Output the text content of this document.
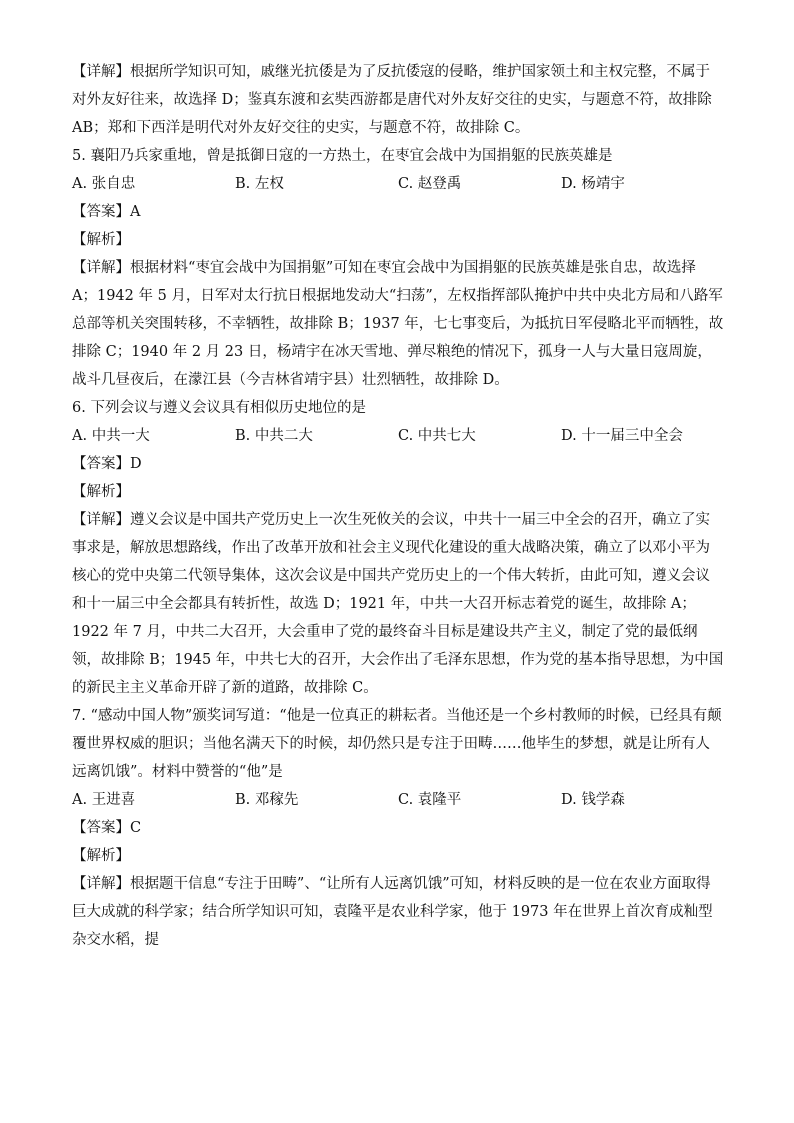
【详解】根据所学知识可知，戚继光抗倭是为了反抗倭寇的侵略，维护国家领土和主权完整，不属于对外友好往来，故选择 D；鉴真东渡和玄奘西游都是唐代对外友好交往的史实，与题意不符，故排除 AB；郑和下西洋是明代对外友好交往的史实，与题意不符，故排除 C。

5. 襄阳乃兵家重地，曾是抵御日寇的一方热土，在枣宜会战中为国捐躯的民族英雄是

A. 张自忠	B. 左权	C. 赵登禹	D. 杨靖宇

【答案】A

【解析】

【详解】根据材料“枣宜会战中为国捐躯”可知在枣宜会战中为国捐躯的民族英雄是张自忠，故选择 A；1942 年 5 月，日军对太行抗日根据地发动大“扫荡”，左权指挥部队掩护中共中央北方局和八路军总部等机关突围转移，不幸牺牲，故排除 B；1937 年，七七事变后，为抵抗日军侵略北平而牺牲，故排除 C；1940 年 2 月 23 日，杨靖宇在冰天雪地、弹尽粮绝的情况下，孤身一人与大量日寇周旋，战斗几昼夜后，在濛江县（今吉林省靖宇县）壮烈牺牲，故排除 D。

6. 下列会议与遵义会议具有相似历史地位的是

A. 中共一大	B. 中共二大	C. 中共七大	D. 十一届三中全会

【答案】D

【解析】

【详解】遵义会议是中国共产党历史上一次生死攸关的会议，中共十一届三中全会的召开，确立了实事求是，解放思想路线，作出了改革开放和社会主义现代化建设的重大战略决策，确立了以邓小平为核心的党中央第二代领导集体，这次会议是中国共产党历史上的一个伟大转折，由此可知，遵义会议和十一届三中全会都具有转折性，故选 D；1921 年，中共一大召开标志着党的诞生，故排除 A；1922 年 7 月，中共二大召开，大会重申了党的最终奋斗目标是建设共产主义，制定了党的最低纲领，故排除 B；1945 年，中共七大的召开，大会作出了毛泽东思想，作为党的基本指导思想，为中国的新民主主义革命开辟了新的道路，故排除 C。

7. “感动中国人物”颁奖词写道：“他是一位真正的耕耘者。当他还是一个乡村教师的时候，已经具有颠覆世界权威的胆识；当他名满天下的时候，却仍然只是专注于田畴……他毕生的梦想，就是让所有人远离饥饿”。材料中赞誉的“他”是

A. 王进喜	B. 邓稼先	C. 袁隆平	D. 钱学森

【答案】C

【解析】

【详解】根据题干信息“专注于田畴”、“让所有人远离饥饿”可知，材料反映的是一位在农业方面取得巨大成就的科学家；结合所学知识可知，袁隆平是农业科学家，他于 1973 年在世界上首次育成籼型杂交水稻，提
